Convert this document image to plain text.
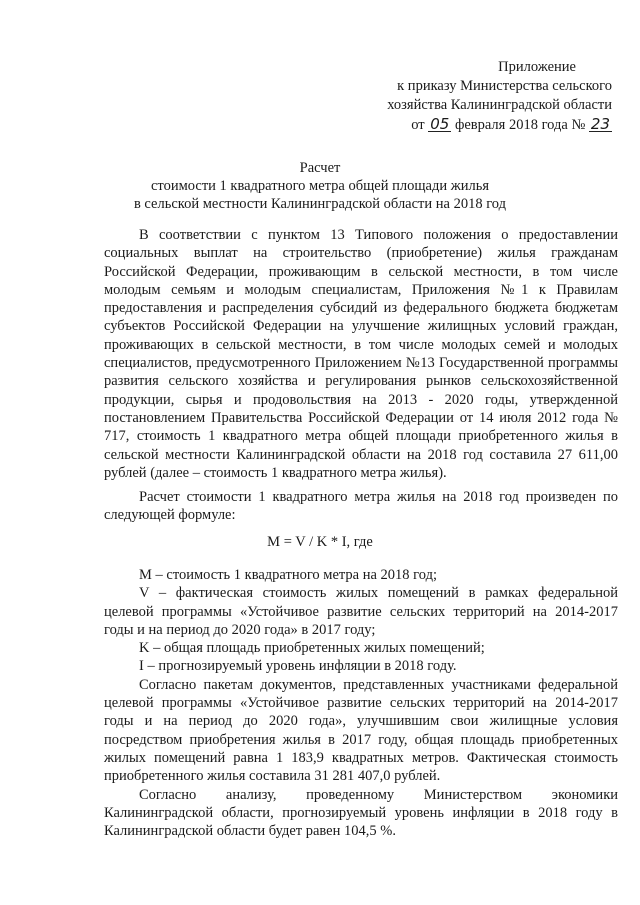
Приложение
к приказу Министерства сельского
хозяйства Калининградской области
от 05 февраля 2018 года № 23
Расчет
стоимости 1 квадратного метра общей площади жилья
в сельской местности Калининградской области на 2018 год

В соответствии с пунктом 13 Типового положения о предоставлении социальных выплат на строительство (приобретение) жилья гражданам Российской Федерации, проживающим в сельской местности, в том числе молодым семьям и молодым специалистам, Приложения №1 к Правилам предоставления и распределения субсидий из федерального бюджета бюджетам субъектов Российской Федерации на улучшение жилищных условий граждан, проживающих в сельской местности, в том числе молодых семей и молодых специалистов, предусмотренного Приложением №13 Государственной программы развития сельского хозяйства и регулирования рынков сельскохозяйственной продукции, сырья и продовольствия на 2013 - 2020 годы, утвержденной постановлением Правительства Российской Федерации от 14 июля 2012 года № 717, стоимость 1 квадратного метра общей площади приобретенного жилья в сельской местности Калининградской области на 2018 год составила 27 611,00 рублей (далее – стоимость 1 квадратного метра жилья).

Расчет стоимости 1 квадратного метра жилья на 2018 год произведен по следующей формуле:

M = V / K * I, где

M – стоимость 1 квадратного метра на 2018 год;

V – фактическая стоимость жилых помещений в рамках федеральной целевой программы «Устойчивое развитие сельских территорий на 2014-2017 годы и на период до 2020 года» в 2017 году;

K – общая площадь приобретенных жилых помещений;

I – прогнозируемый уровень инфляции в 2018 году.

Согласно пакетам документов, представленных участниками федеральной целевой программы «Устойчивое развитие сельских территорий на 2014-2017 годы и на период до 2020 года», улучшившим свои жилищные условия посредством приобретения жилья в 2017 году, общая площадь приобретенных жилых помещений равна 1 183,9 квадратных метров. Фактическая стоимость приобретенного жилья составила 31 281 407,0 рублей.

Согласно анализу, проведенному Министерством экономики Калининградской области, прогнозируемый уровень инфляции в 2018 году в Калининградской области будет равен 104,5 %.
